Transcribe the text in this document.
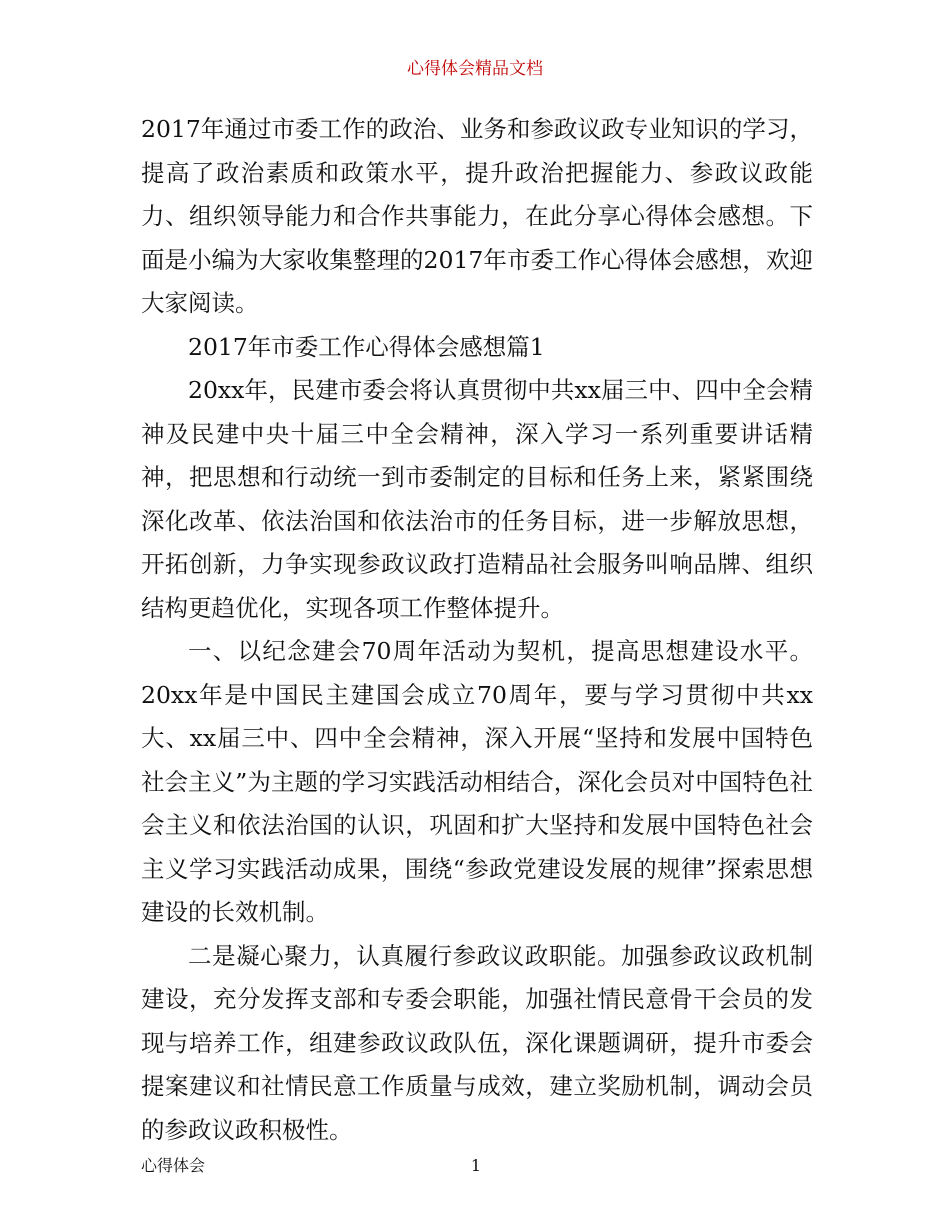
心得体会精品文档

2017年通过市委工作的政治、业务和参政议政专业知识的学习，提高了政治素质和政策水平，提升政治把握能力、参政议政能力、组织领导能力和合作共事能力，在此分享心得体会感想。下面是小编为大家收集整理的2017年市委工作心得体会感想，欢迎大家阅读。

2017年市委工作心得体会感想篇1

20xx年，民建市委会将认真贯彻中共xx届三中、四中全会精神及民建中央十届三中全会精神，深入学习一系列重要讲话精神，把思想和行动统一到市委制定的目标和任务上来，紧紧围绕深化改革、依法治国和依法治市的任务目标，进一步解放思想，开拓创新，力争实现参政议政打造精品社会服务叫响品牌、组织结构更趋优化，实现各项工作整体提升。

一、以纪念建会70周年活动为契机，提高思想建设水平。20xx年是中国民主建国会成立70周年，要与学习贯彻中共xx大、xx届三中、四中全会精神，深入开展“坚持和发展中国特色社会主义”为主题的学习实践活动相结合，深化会员对中国特色社会主义和依法治国的认识，巩固和扩大坚持和发展中国特色社会主义学习实践活动成果，围绕“参政党建设发展的规律”探索思想建设的长效机制。

二是凝心聚力，认真履行参政议政职能。加强参政议政机制建设，充分发挥支部和专委会职能，加强社情民意骨干会员的发现与培养工作，组建参政议政队伍，深化课题调研，提升市委会提案建议和社情民意工作质量与成效，建立奖励机制，调动会员的参政议政积极性。

心得体会	1
